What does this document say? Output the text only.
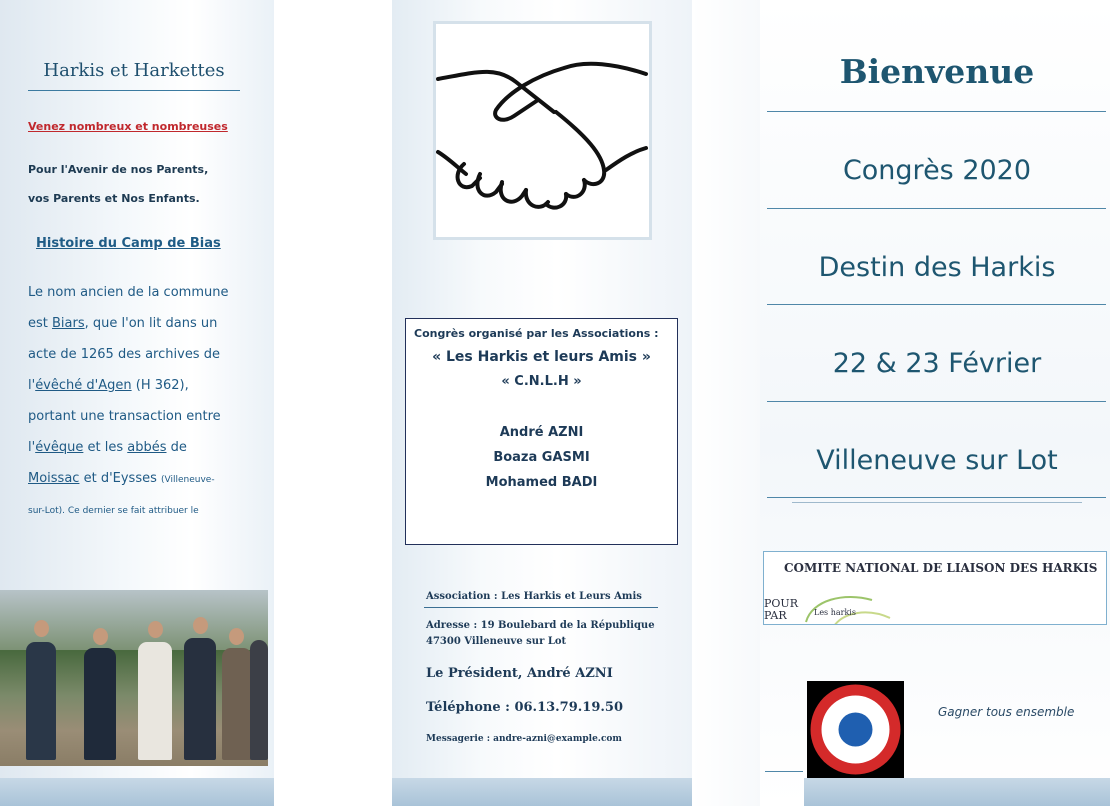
Harkis et Harkettes
Venez nombreux et nombreuses
Pour l'Avenir de nos Parents,
vos Parents et Nos Enfants.
Histoire du Camp de Bias
Le nom ancien de la commune
est Biars, que l'on lit dans un
acte de 1265 des archives de
l'évêché d'Agen (H 362),
portant une transaction entre
l'évêque et les abbés de
Moissac et d'Eysses (Villeneuve-
sur-Lot). Ce dernier se fait attribuer le
Congrès organisé par les Associations :
« Les Harkis et leurs Amis »
« C.N.L.H »
André AZNI
Boaza GASMI
Mohamed BADI
Association : Les Harkis et Leurs Amis
Adresse : 19 Boulebard de la République
47300 Villeneuve sur Lot
Le Président, André AZNI
Téléphone : 06.13.79.19.50
Messagerie : andre-azni@example.com
Bienvenue
Congrès 2020
Destin des Harkis
22 & 23 Février
Villeneuve sur Lot
COMITE NATIONAL DE LIAISON DES HARKIS
POUR
PAR	Les harkis
Gagner tous ensemble
